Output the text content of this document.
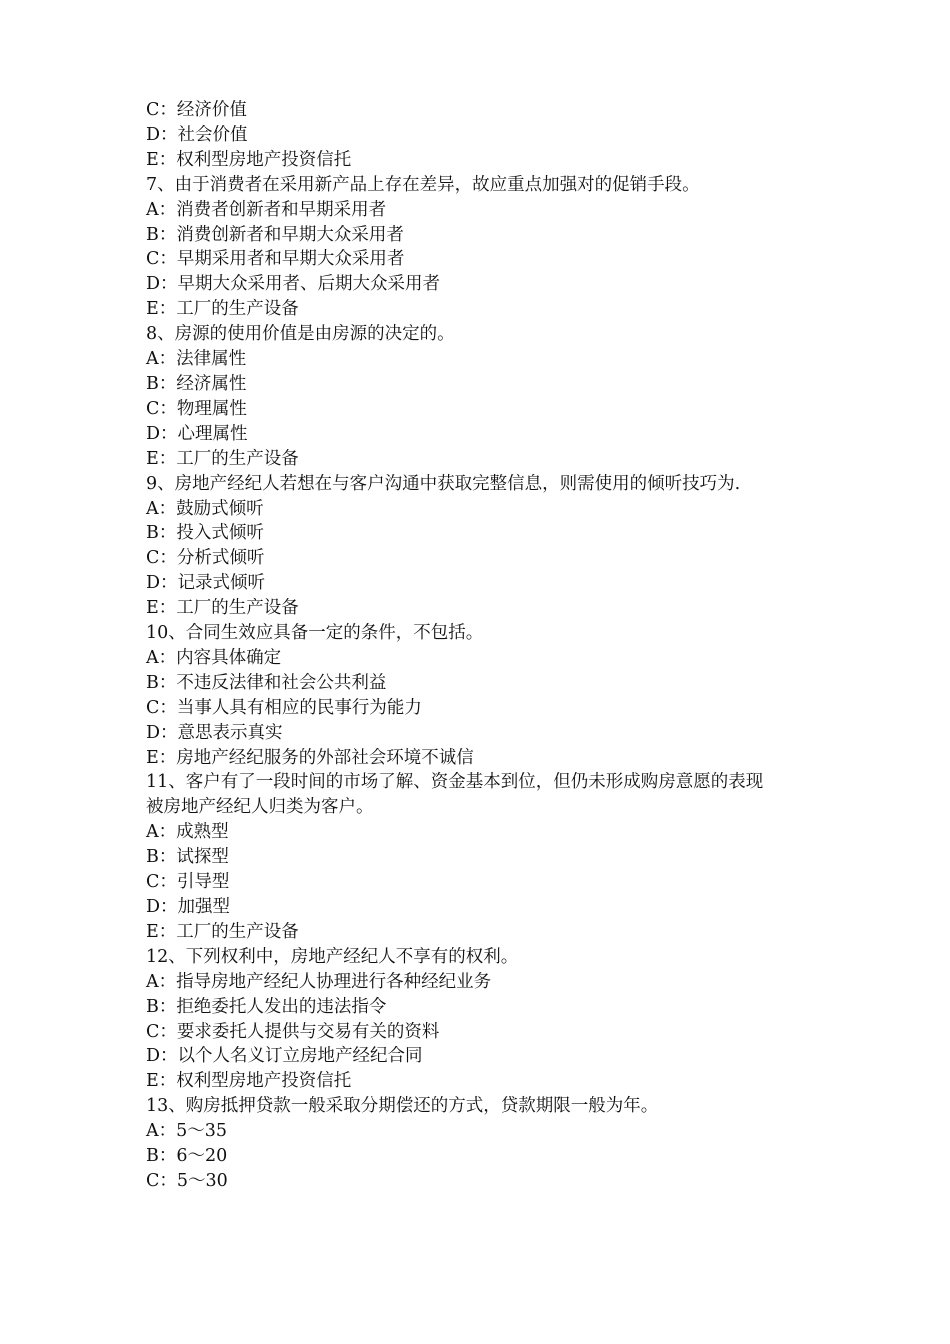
C：经济价值
D：社会价值
E：权利型房地产投资信托
7、由于消费者在采用新产品上存在差异，故应重点加强对的促销手段。
A：消费者创新者和早期采用者
B：消费创新者和早期大众采用者
C：早期采用者和早期大众采用者
D：早期大众采用者、后期大众采用者
E：工厂的生产设备
8、房源的使用价值是由房源的决定的。
A：法律属性
B：经济属性
C：物理属性
D：心理属性
E：工厂的生产设备
9、房地产经纪人若想在与客户沟通中获取完整信息，则需使用的倾听技巧为.
A：鼓励式倾听
B：投入式倾听
C：分析式倾听
D：记录式倾听
E：工厂的生产设备
10、合同生效应具备一定的条件，不包括。
A：内容具体确定
B：不违反法律和社会公共利益
C：当事人具有相应的民事行为能力
D：意思表示真实
E：房地产经纪服务的外部社会环境不诚信
11、客户有了一段时间的市场了解、资金基本到位，但仍未形成购房意愿的表现
被房地产经纪人归类为客户。
A：成熟型
B：试探型
C：引导型
D：加强型
E：工厂的生产设备
12、下列权利中，房地产经纪人不享有的权利。
A：指导房地产经纪人协理进行各种经纪业务
B：拒绝委托人发出的违法指令
C：要求委托人提供与交易有关的资料
D：以个人名义订立房地产经纪合同
E：权利型房地产投资信托
13、购房抵押贷款一般采取分期偿还的方式，贷款期限一般为年。
A：5～35
B：6～20
C：5～30
